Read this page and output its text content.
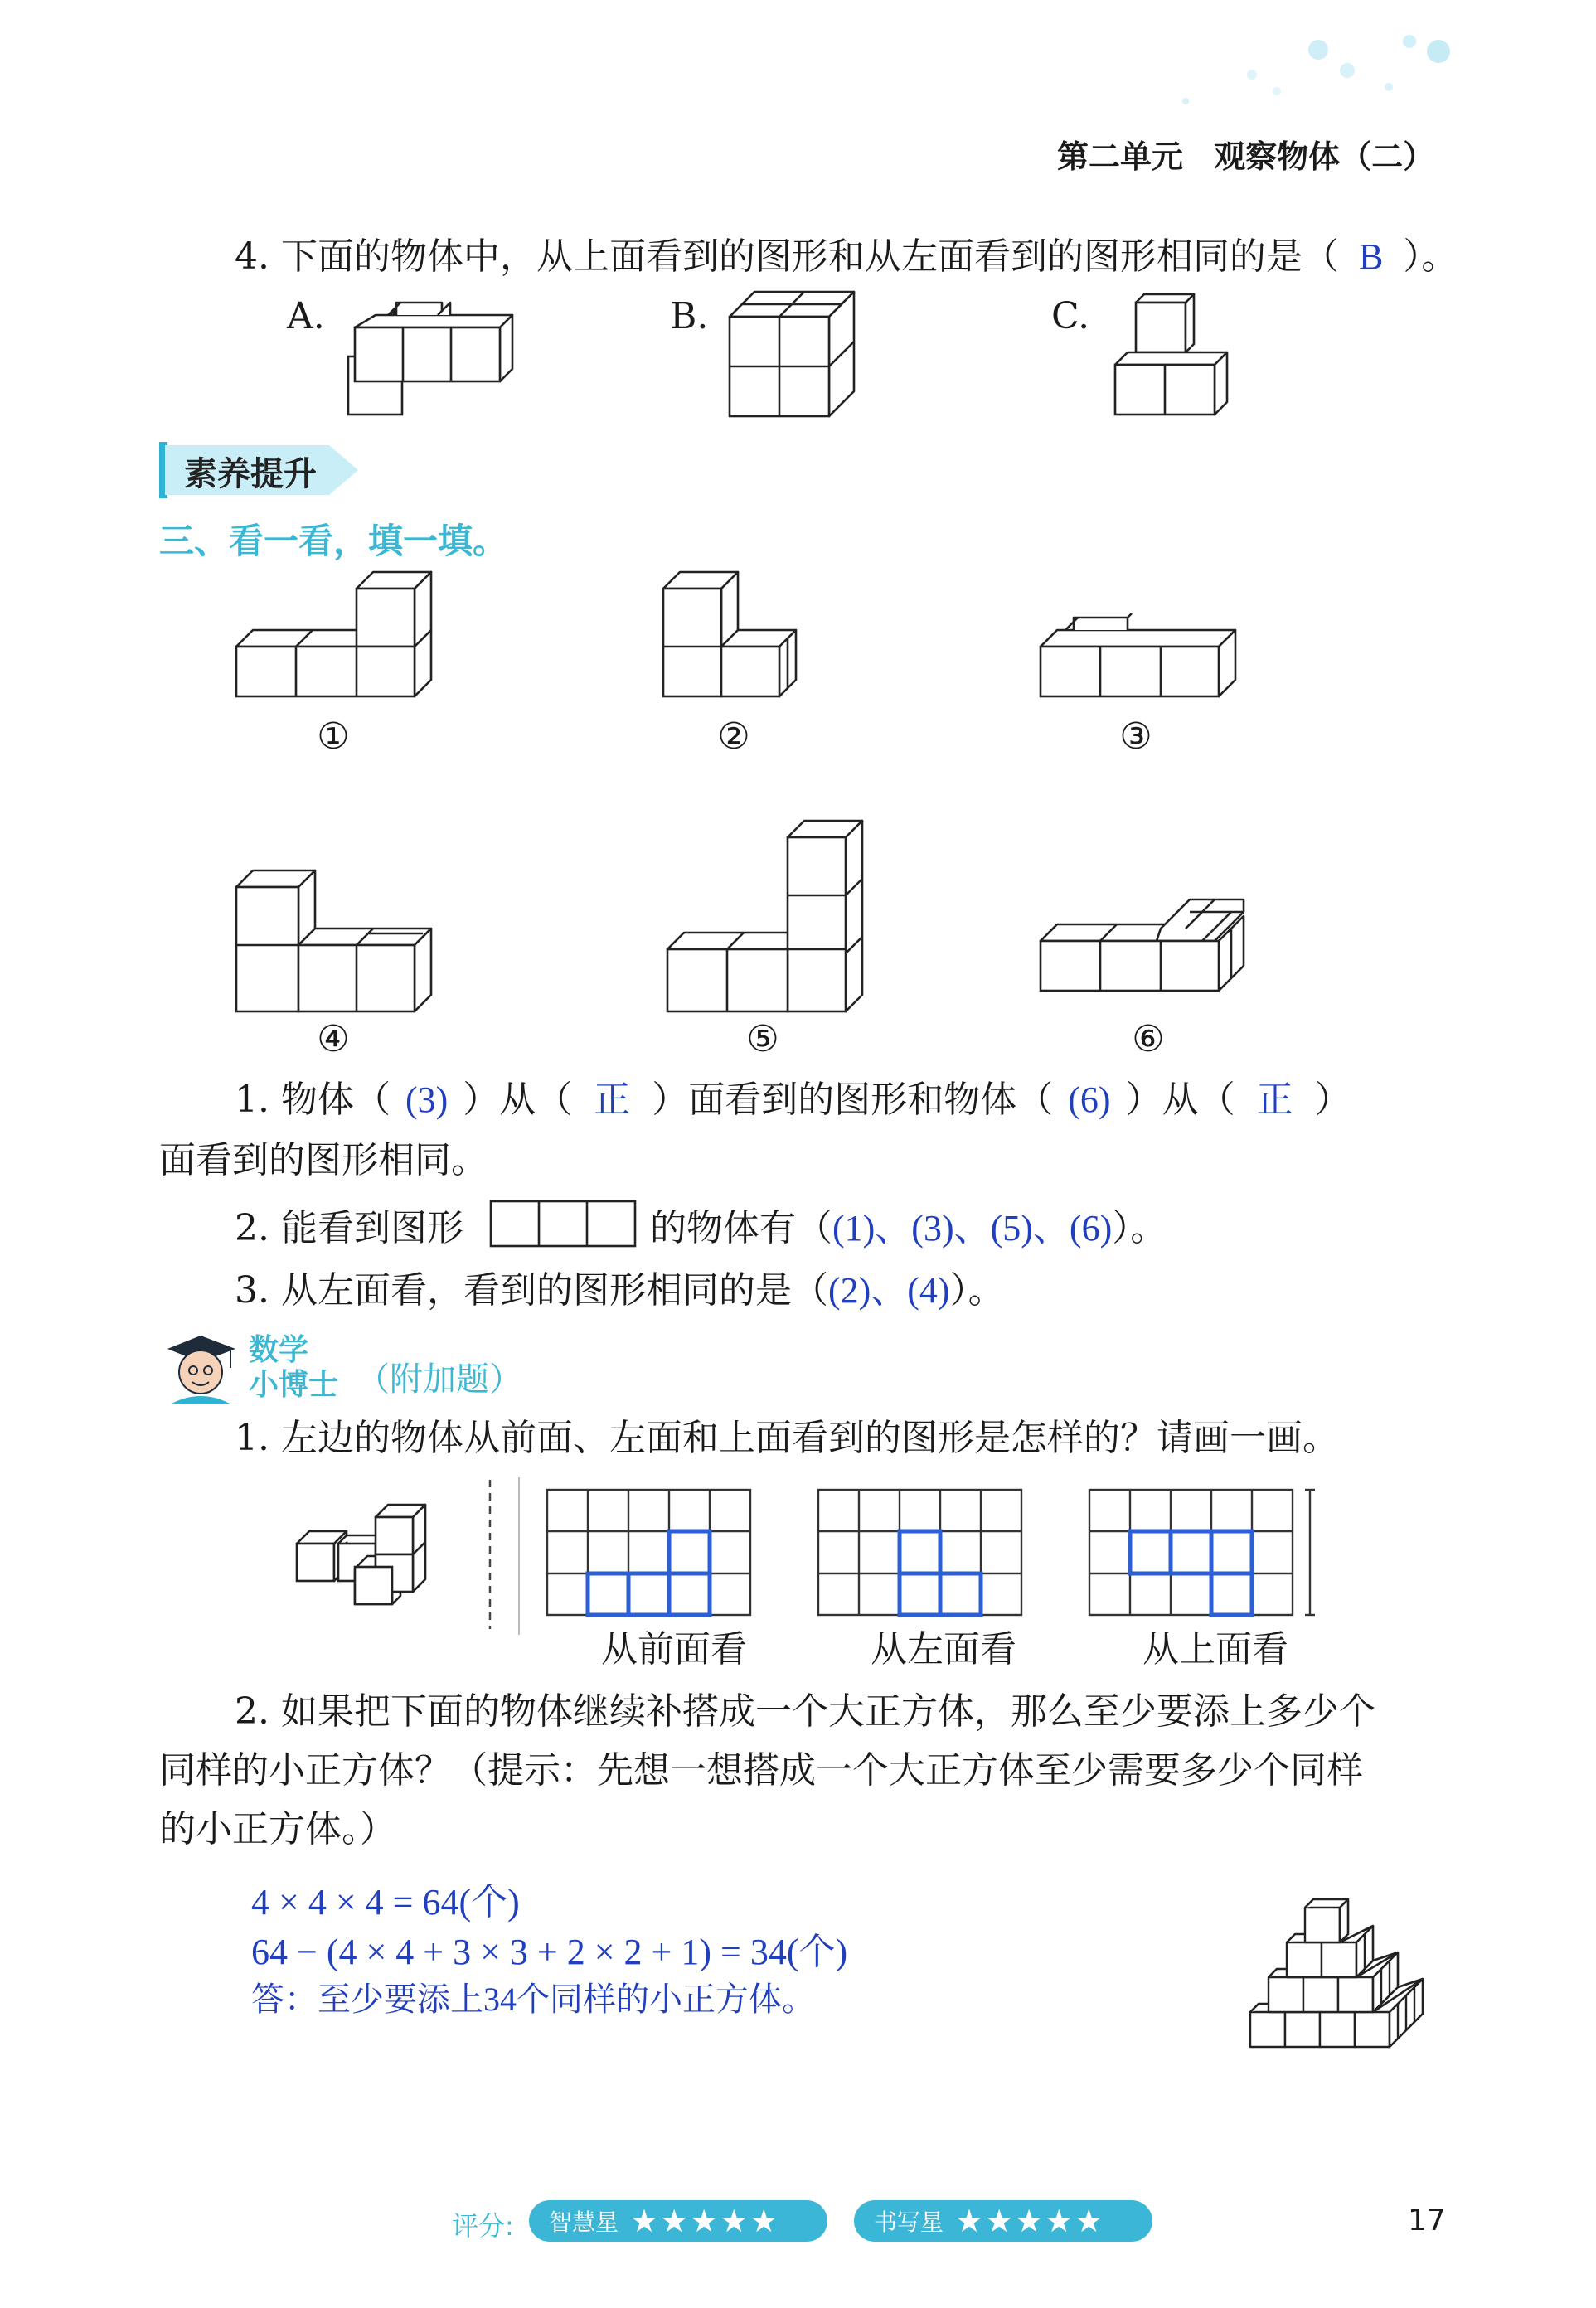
第二单元 观察物体（二）
4. 下面的物体中，从上面看到的图形和从左面看到的图形相同的是（ B ）。
A.	B.	C.
素养提升
三、看一看，填一填。
①	②	③
④	⑤	⑥
1. 物体（ (3) ）从（ 正 ）面看到的图形和物体（ (6) ）从（ 正 ）
面看到的图形相同。
2. 能看到图形	的物体有（(1)、(3)、(5)、(6)）。
3. 从左面看，看到的图形相同的是（(2)、(4)）。
数学
小博士 （附加题）
1. 左边的物体从前面、左面和上面看到的图形是怎样的？请画一画。
从前面看	从左面看	从上面看
2. 如果把下面的物体继续补搭成一个大正方体，那么至少要添上多少个
同样的小正方体？（提示：先想一想搭成一个大正方体至少需要多少个同样
的小正方体。）
4 × 4 × 4 = 64(个)
64 − (4 × 4 + 3 × 3 + 2 × 2 + 1) = 34(个)
答：至少要添上34个同样的小正方体。
评分: 智慧星 ★★★★★	书写星 ★★★★★	17
